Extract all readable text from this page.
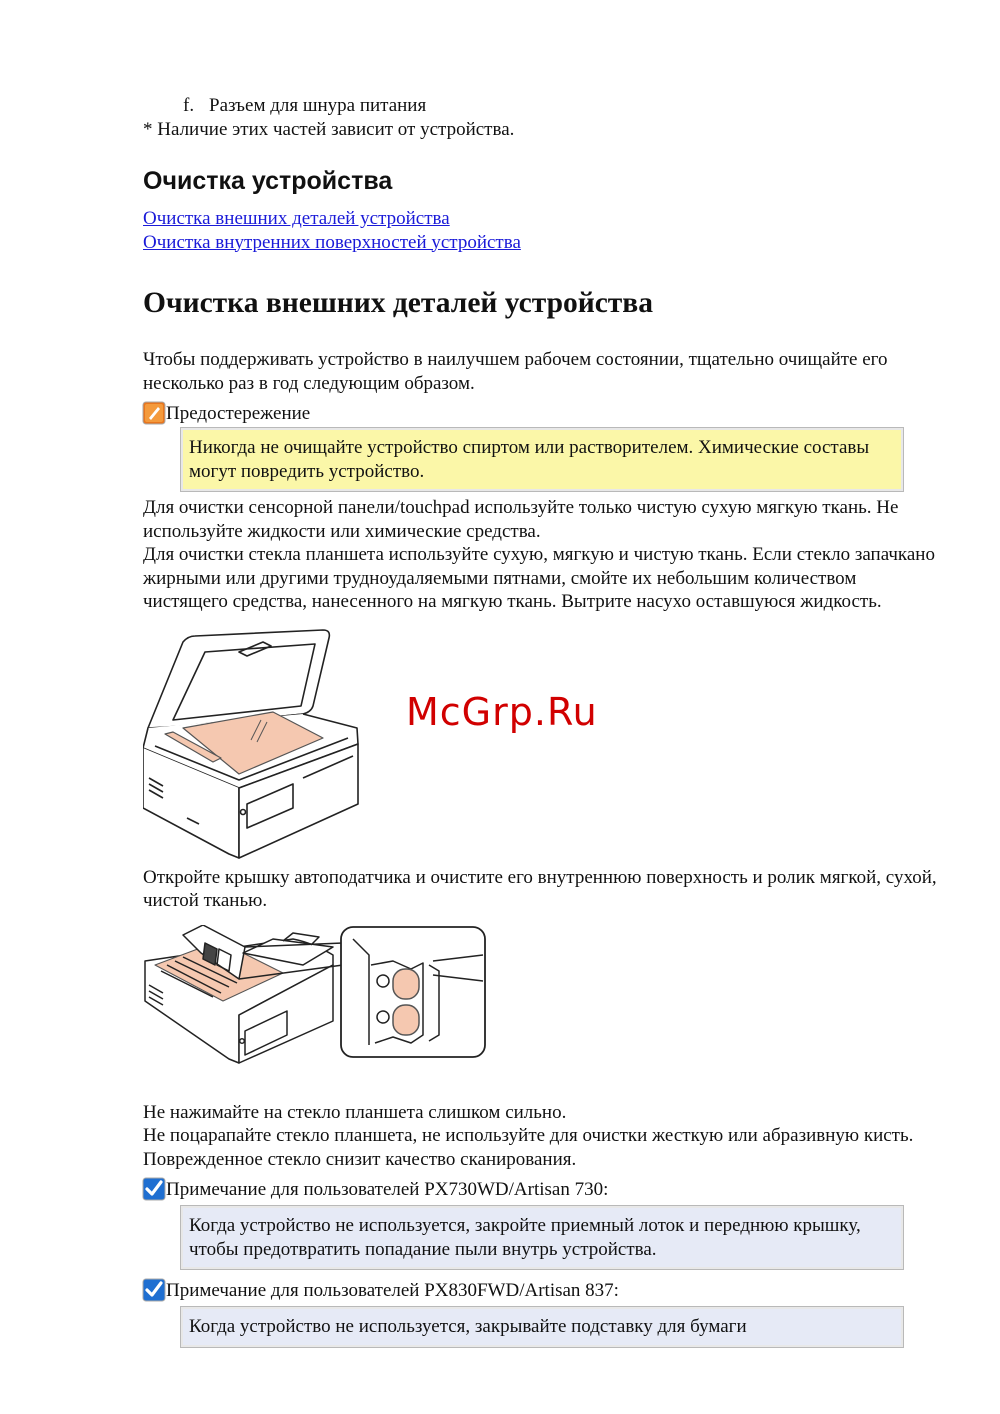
f. Разъем для шнура питания

* Наличие этих частей зависит от устройства.

Очистка устройства
Очистка внешних деталей устройства
Очистка внутренних поверхностей устройства
Очистка внешних деталей устройства

Чтобы поддерживать устройство в наилучшем рабочем состоянии, тщательно очищайте его несколько раз в год следующим образом.

Предостережение
Никогда не очищайте устройство спиртом или растворителем. Химические составы могут повредить устройство.

Для очистки сенсорной панели/touchpad используйте только чистую сухую мягкую ткань. Не используйте жидкости или химические средства.

Для очистки стекла планшета используйте сухую, мягкую и чистую ткань. Если стекло запачкано жирными или другими трудноудаляемыми пятнами, смойте их небольшим количеством чистящего средства, нанесенного на мягкую ткань. Вытрите насухо оставшуюся жидкость.

McGrp.Ru

Откройте крышку автоподатчика и очистите его внутреннюю поверхность и ролик мягкой, сухой, чистой тканью.

Не нажимайте на стекло планшета слишком сильно.

Не поцарапайте стекло планшета, не используйте для очистки жесткую или абразивную кисть. Поврежденное стекло снизит качество сканирования.

Примечание для пользователей PX730WD/Artisan 730:
Когда устройство не используется, закройте приемный лоток и переднюю крышку, чтобы предотвратить попадание пыли внутрь устройства.
Примечание для пользователей PX830FWD/Artisan 837:
Когда устройство не используется, закрывайте подставку для бумаги
